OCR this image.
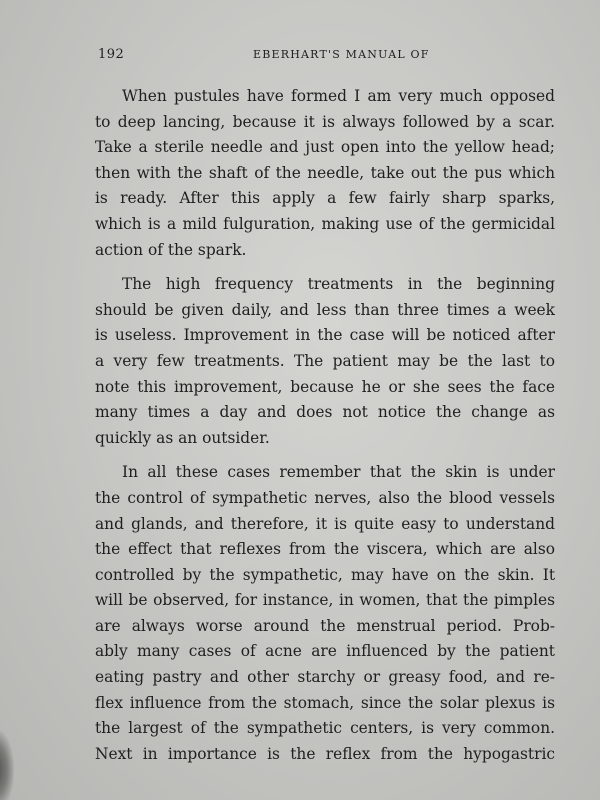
192	EBERHART'S MANUAL OF

When pustules have formed I am very much opposed
to deep lancing, because it is always followed by a scar.
Take a sterile needle and just open into the yellow head;
then with the shaft of the needle, take out the pus which
is ready. After this apply a few fairly sharp sparks,
which is a mild fulguration, making use of the germicidal
action of the spark.

The high frequency treatments in the beginning
should be given daily, and less than three times a week
is useless. Improvement in the case will be noticed after
a very few treatments. The patient may be the last to
note this improvement, because he or she sees the face
many times a day and does not notice the change as
quickly as an outsider.

In all these cases remember that the skin is under
the control of sympathetic nerves, also the blood vessels
and glands, and therefore, it is quite easy to understand
the effect that reflexes from the viscera, which are also
controlled by the sympathetic, may have on the skin. It
will be observed, for instance, in women, that the pimples
are always worse around the menstrual period. Prob-
ably many cases of acne are influenced by the patient
eating pastry and other starchy or greasy food, and re-
flex influence from the stomach, since the solar plexus is
the largest of the sympathetic centers, is very common.
Next in importance is the reflex from the hypogastric
